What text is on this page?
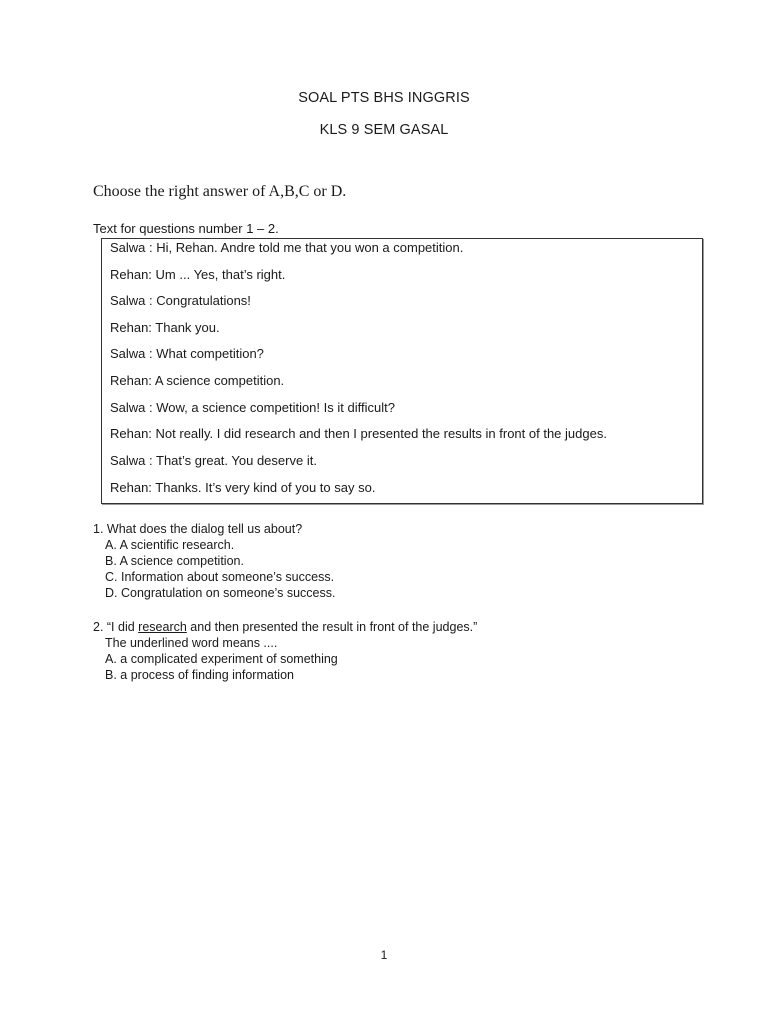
SOAL PTS BHS INGGRIS
KLS 9 SEM GASAL
Choose the right answer of A,B,C or D.
Text for questions number 1 – 2.
Salwa : Hi, Rehan. Andre told me that you won a competition.
Rehan: Um ... Yes, that’s right.
Salwa : Congratulations!
Rehan: Thank you.
Salwa : What competition?
Rehan: A science competition.
Salwa : Wow, a science competition! Is it difficult?
Rehan: Not really. I did research and then I presented the results in front of the judges.
Salwa : That’s great. You deserve it.
Rehan: Thanks. It’s very kind of you to say so.
1. What does the dialog tell us about?
A. A scientific research.
B. A science competition.
C. Information about someone’s success.
D. Congratulation on someone’s success.
2. “I did research and then presented the result in front of the judges.”
The underlined word means ....
A. a complicated experiment of something
B. a process of finding information
1
